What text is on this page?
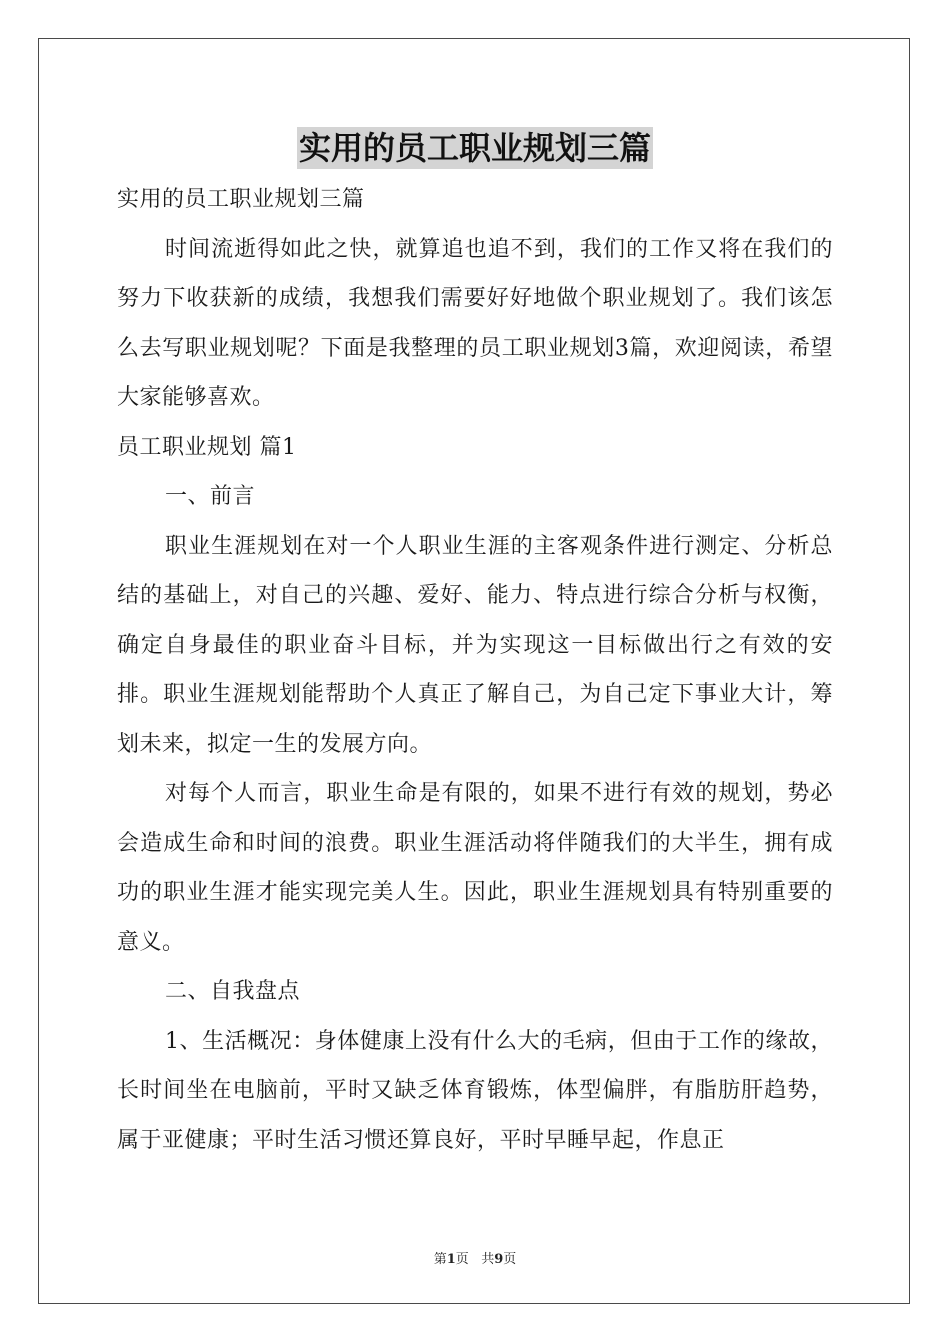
实用的员工职业规划三篇

实用的员工职业规划三篇

时间流逝得如此之快，就算追也追不到，我们的工作又将在我们的努力下收获新的成绩，我想我们需要好好地做个职业规划了。我们该怎么去写职业规划呢？下面是我整理的员工职业规划3篇，欢迎阅读，希望大家能够喜欢。

员工职业规划 篇1

一、前言

职业生涯规划在对一个人职业生涯的主客观条件进行测定、分析总结的基础上，对自己的兴趣、爱好、能力、特点进行综合分析与权衡，确定自身最佳的职业奋斗目标，并为实现这一目标做出行之有效的安排。职业生涯规划能帮助个人真正了解自己，为自己定下事业大计，筹划未来，拟定一生的发展方向。

对每个人而言，职业生命是有限的，如果不进行有效的规划，势必会造成生命和时间的浪费。职业生涯活动将伴随我们的大半生，拥有成功的职业生涯才能实现完美人生。因此，职业生涯规划具有特别重要的意义。

二、自我盘点

1、生活概况：身体健康上没有什么大的毛病，但由于工作的缘故，长时间坐在电脑前，平时又缺乏体育锻炼，体型偏胖，有脂肪肝趋势，属于亚健康；平时生活习惯还算良好，平时早睡早起，作息正

第1页 共9页
